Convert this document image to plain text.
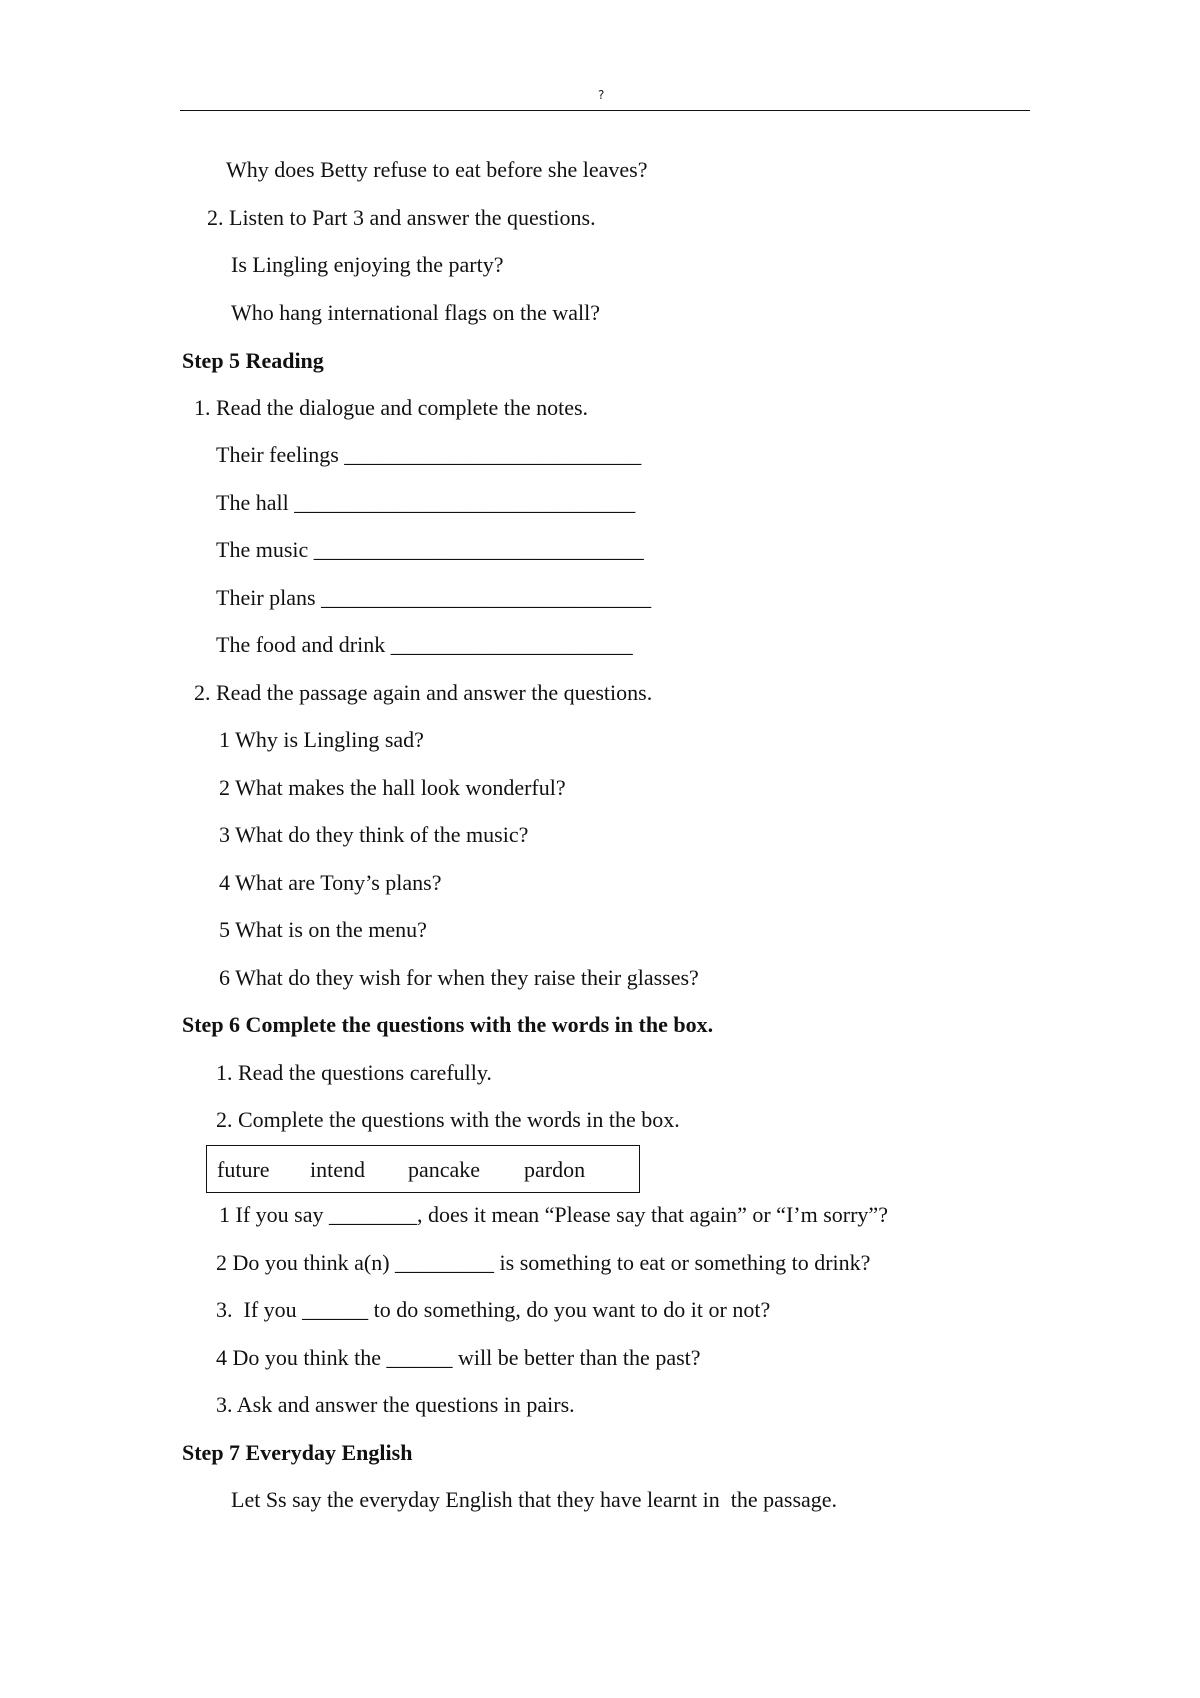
?
Why does Betty refuse to eat before she leaves?
2. Listen to Part 3 and answer the questions.
Is Lingling enjoying the party?
Who hang international flags on the wall?
Step 5 Reading
1. Read the dialogue and complete the notes.
Their feelings ___________________________
The hall _______________________________
The music ______________________________
Their plans ______________________________
The food and drink ______________________
2. Read the passage again and answer the questions.
1 Why is Lingling sad?
2 What makes the hall look wonderful?
3 What do they think of the music?
4 What are Tony’s plans?
5 What is on the menu?
6 What do they wish for when they raise their glasses?
Step 6 Complete the questions with the words in the box.
1. Read the questions carefully.
2. Complete the questions with the words in the box.
future intend pancake pardon
1 If you say ________, does it mean “Please say that again” or “I’m sorry”?
2 Do you think a(n) _________ is something to eat or something to drink?
3.  If you ______ to do something, do you want to do it or not?
4 Do you think the ______ will be better than the past?
3. Ask and answer the questions in pairs.
Step 7 Everyday English
Let Ss say the everyday English that they have learnt in  the passage.
